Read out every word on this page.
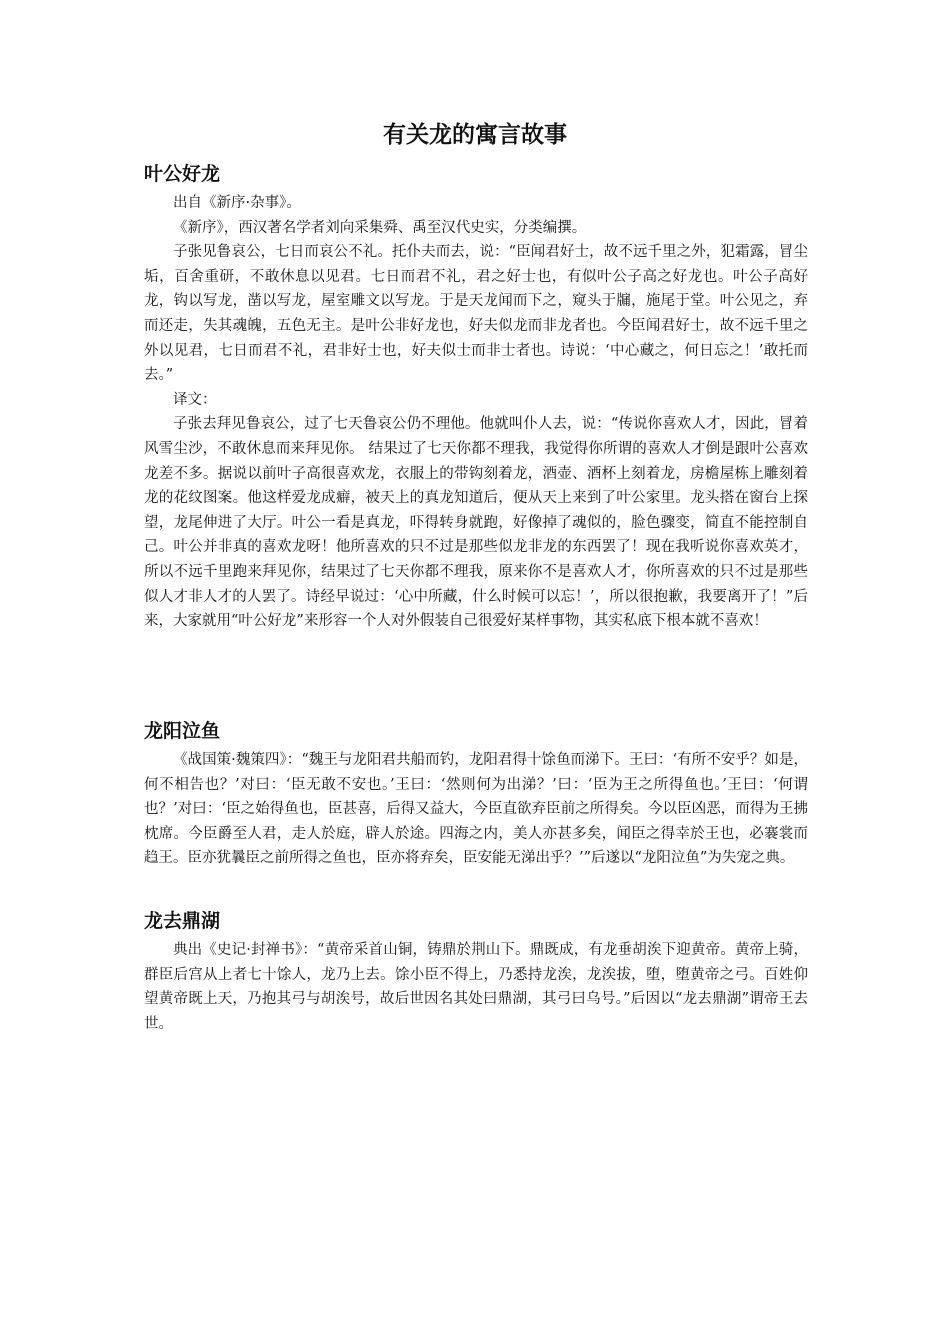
有关龙的寓言故事
叶公好龙

出自《新序·杂事》。

《新序》，西汉著名学者刘向采集舜、禹至汉代史实，分类编撰。

子张见鲁哀公，七日而哀公不礼。托仆夫而去，说：“臣闻君好士，故不远千里之外，犯霜露，冒尘垢，百舍重研，不敢休息以见君。七日而君不礼，君之好士也，有似叶公子高之好龙也。叶公子高好龙，钩以写龙，凿以写龙，屋室雕文以写龙。于是天龙闻而下之，窥头于牖，施尾于堂。叶公见之，弃而还走，失其魂魄，五色无主。是叶公非好龙也，好夫似龙而非龙者也。今臣闻君好士，故不远千里之外以见君，七日而君不礼，君非好士也，好夫似士而非士者也。诗说：‘中心藏之，何日忘之！’敢托而去。”

译文：

子张去拜见鲁哀公，过了七天鲁哀公仍不理他。他就叫仆人去，说：“传说你喜欢人才，因此，冒着风雪尘沙，不敢休息而来拜见你。 结果过了七天你都不理我，我觉得你所谓的喜欢人才倒是跟叶公喜欢龙差不多。据说以前叶子高很喜欢龙，衣服上的带钩刻着龙，酒壶、酒杯上刻着龙，房檐屋栋上雕刻着龙的花纹图案。他这样爱龙成癖，被天上的真龙知道后，便从天上来到了叶公家里。龙头搭在窗台上探望，龙尾伸进了大厅。叶公一看是真龙，吓得转身就跑，好像掉了魂似的，脸色骤变，简直不能控制自己。叶公并非真的喜欢龙呀！他所喜欢的只不过是那些似龙非龙的东西罢了！现在我听说你喜欢英才，所以不远千里跑来拜见你，结果过了七天你都不理我，原来你不是喜欢人才，你所喜欢的只不过是那些似人才非人才的人罢了。诗经早说过：‘心中所藏，什么时候可以忘！’，所以很抱歉，我要离开了！”后来，大家就用“叶公好龙”来形容一个人对外假装自己很爱好某样事物，其实私底下根本就不喜欢！

龙阳泣鱼

《战国策·魏策四》：“魏王与龙阳君共船而钓，龙阳君得十馀鱼而涕下。王曰：‘有所不安乎？如是，何不相告也？’对曰：‘臣无敢不安也。’王曰：‘然则何为出涕？’曰：‘臣为王之所得鱼也。’王曰：‘何谓也？’对曰：‘臣之始得鱼也，臣甚喜，后得又益大，今臣直欲弃臣前之所得矣。今以臣凶恶，而得为王拂枕席。今臣爵至人君，走人於庭，辟人於途。四海之内，美人亦甚多矣，闻臣之得幸於王也，必褰裳而趋王。臣亦犹曩臣之前所得之鱼也，臣亦将弃矣，臣安能无涕出乎？’”后遂以“龙阳泣鱼”为失宠之典。

龙去鼎湖

典出《史记·封禅书》：“黄帝采首山铜，铸鼎於荆山下。鼎既成，有龙垂胡涘下迎黄帝。黄帝上骑，群臣后宫从上者七十馀人，龙乃上去。馀小臣不得上，乃悉持龙涘，龙涘拔，堕，堕黄帝之弓。百姓仰望黄帝既上天，乃抱其弓与胡涘号，故后世因名其处曰鼎湖，其弓曰乌号。”后因以“龙去鼎湖”谓帝王去世。
